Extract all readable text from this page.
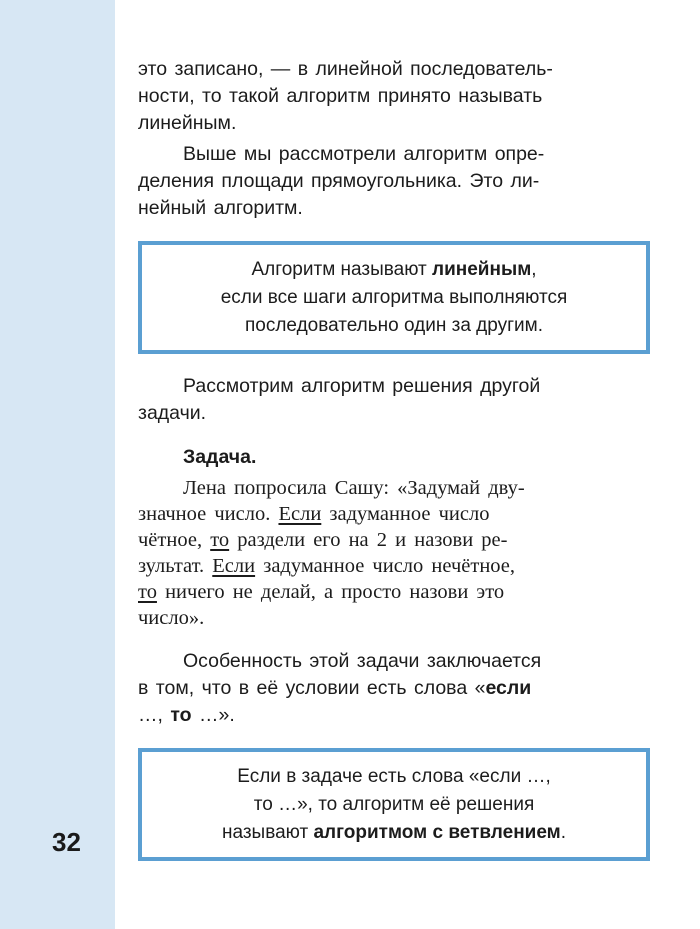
32

это записано, — в линейной последователь-
ности, то такой алгоритм принято называть
линейным.

Выше мы рассмотрели алгоритм опре-
деления площади прямоугольника. Это ли-
нейный алгоритм.

Алгоритм называют линейным,
если все шаги алгоритма выполняются
последовательно один за другим.

Рассмотрим алгоритм решения другой
задачи.

Задача.

Лена попросила Сашу: «Задумай дву-
значное число. Если задуманное число
чётное, то раздели его на 2 и назови ре-
зультат. Если задуманное число нечётное,
то ничего не делай, а просто назови это
число».

Особенность этой задачи заключается
в том, что в её условии есть слова «если
…, то …».

Если в задаче есть слова «если …,
то …», то алгоритм её решения
называют алгоритмом с ветвлением.
